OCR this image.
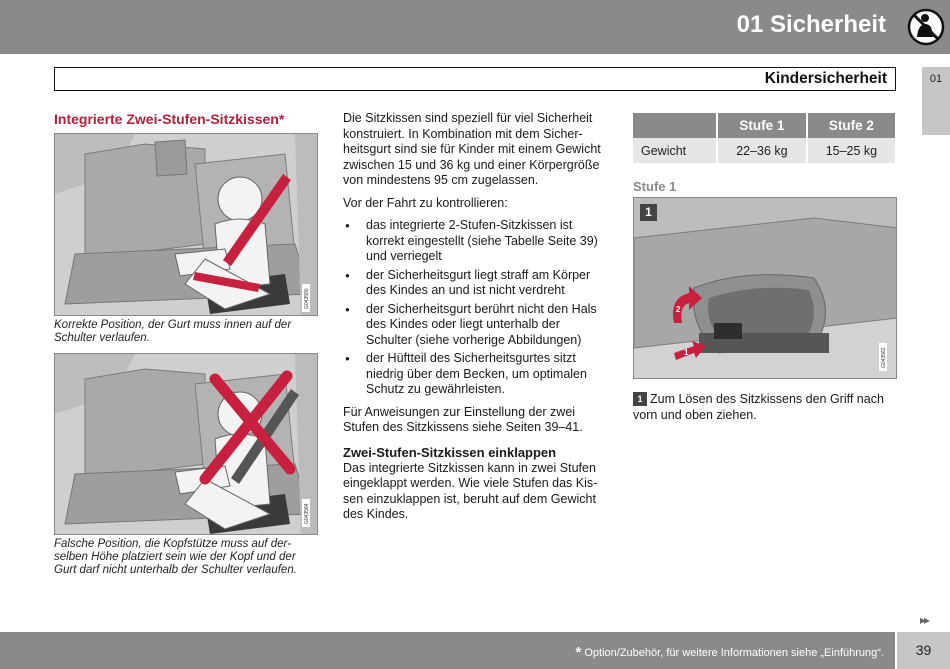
01 Sicherheit
01
Kindersicherheit
Integrierte Zwei-Stufen-Sitzkissen*
G043580
Korrekte Position, der Gurt muss innen auf der Schulter verlaufen.
G043584
Falsche Position, die Kopfstütze muss auf derselben Höhe platziert sein wie der Kopf und der Gurt darf nicht unterhalb der Schulter verlaufen.

Die Sitzkissen sind speziell für viel Sicherheit konstruiert. In Kombination mit dem Sicherheitsgurt sind sie für Kinder mit einem Gewicht zwischen 15 und 36 kg und einer Körpergröße von mindestens 95 cm zugelassen.

Vor der Fahrt zu kontrollieren:

● das integrierte 2-Stufen-Sitzkissen ist korrekt eingestellt (siehe Tabelle Seite 39) und verriegelt
● der Sicherheitsgurt liegt straff am Körper des Kindes an und ist nicht verdreht
● der Sicherheitsgurt berührt nicht den Hals des Kindes oder liegt unterhalb der Schulter (siehe vorherige Abbildungen)
● der Hüftteil des Sicherheitsgurtes sitzt niedrig über dem Becken, um optimalen Schutz zu gewährleisten.

Für Anweisungen zur Einstellung der zwei Stufen des Sitzkissens siehe Seiten 39–41.

Zwei-Stufen-Sitzkissen einklappen

Das integrierte Sitzkissen kann in zwei Stufen eingeklappt werden. Wie viele Stufen das Kissen einzuklappen ist, beruht auf dem Gewicht des Kindes.

	Stufe 1	Stufe 2
Gewicht	22–36 kg	15–25 kg
Stufe 1
2
1	G043562
1
1 Zum Lösen des Sitzkissens den Griff nach vorn und oben ziehen.
▸▸
* Option/Zubehör, für weitere Informationen siehe „Einführung“.	39
